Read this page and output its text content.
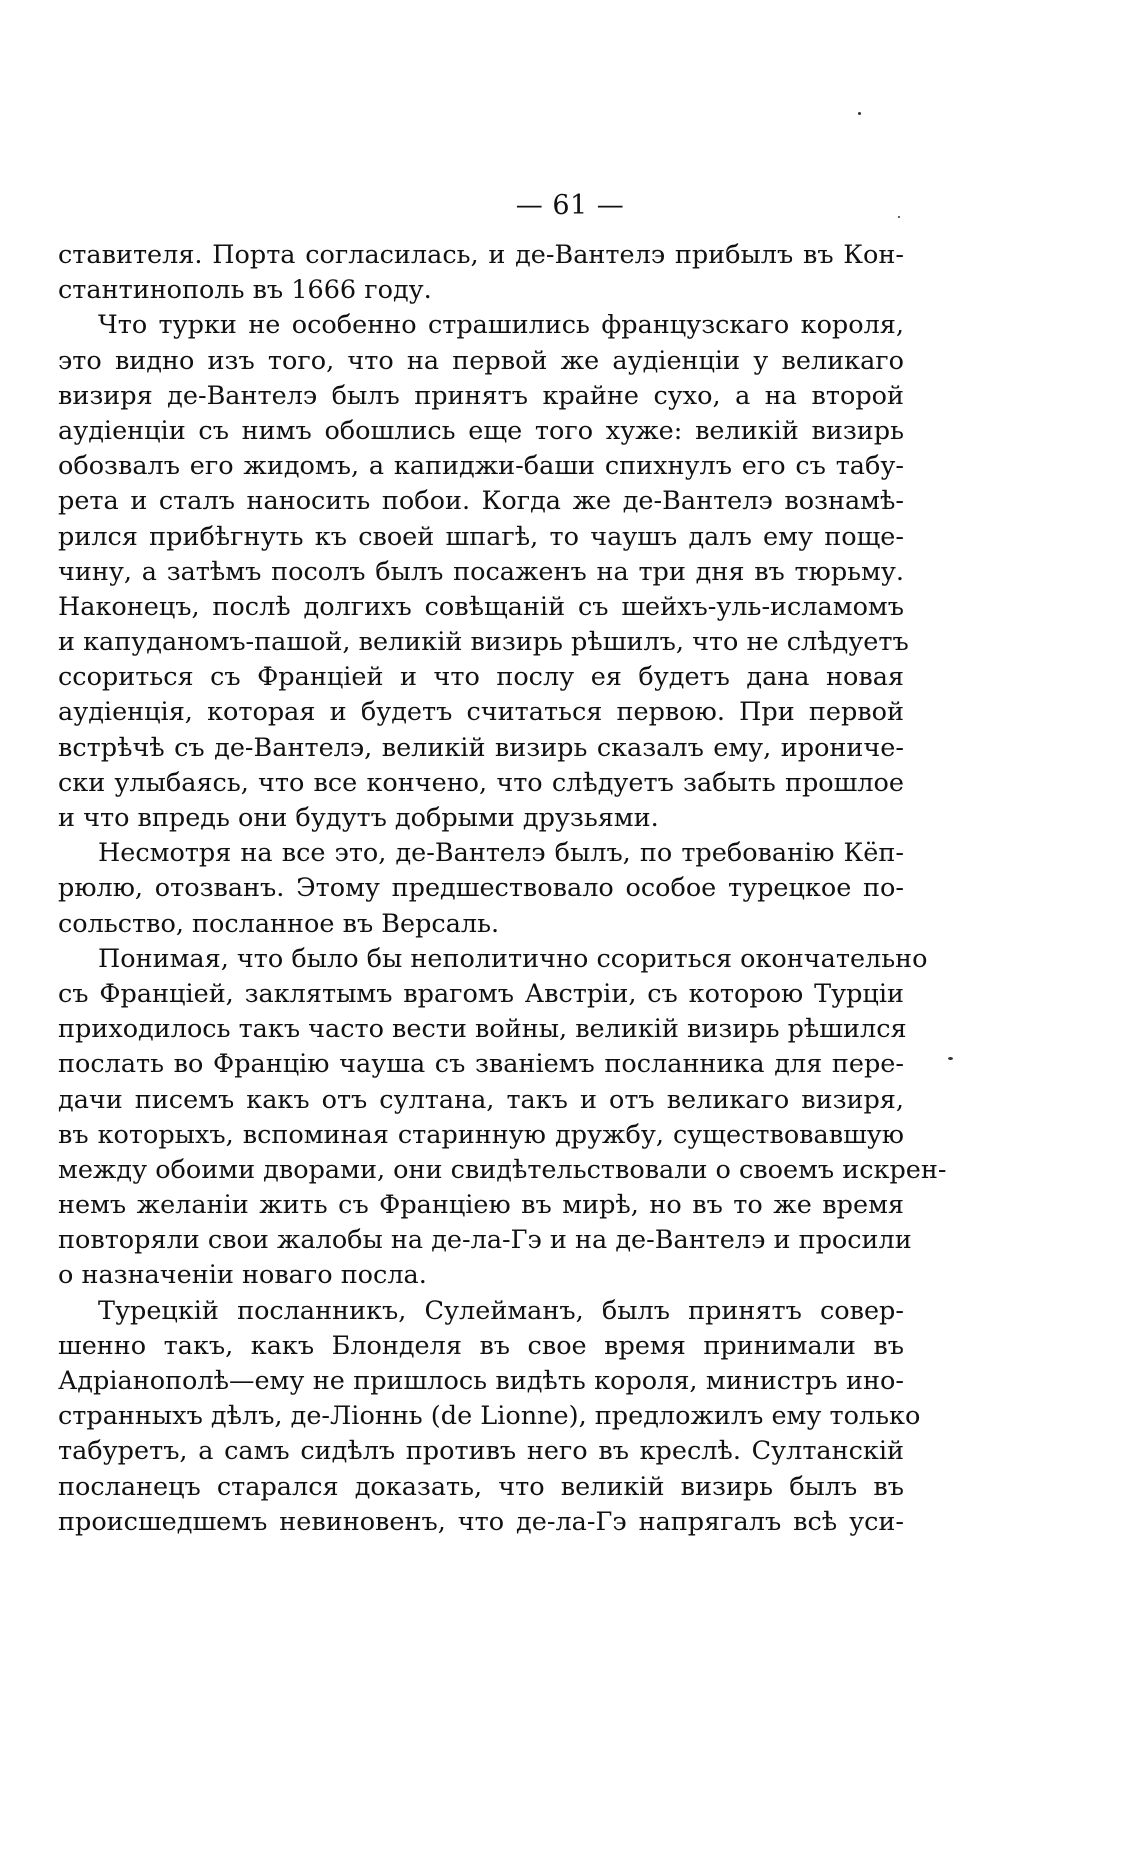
— 61 —
ставителя. Порта согласилась, и де-Вантелэ прибылъ въ Кон-
стантинополь въ 1666 году.
Что турки не особенно страшились французскаго короля,
это видно изъ того, что на первой же аудіенціи у великаго
визиря де-Вантелэ былъ принятъ крайне сухо, а на второй
аудіенціи съ нимъ обошлись еще того хуже: великій визирь
обозвалъ его жидомъ, а капиджи-баши спихнулъ его съ табу-
рета и сталъ наносить побои. Когда же де-Вантелэ вознамѣ-
рился прибѣгнуть къ своей шпагѣ, то чаушъ далъ ему поще-
чину, а затѣмъ посолъ былъ посаженъ на три дня въ тюрьму.
Наконецъ, послѣ долгихъ совѣщаній съ шейхъ-уль-исламомъ
и капуданомъ-пашой, великій визирь рѣшилъ, что не слѣдуетъ
ссориться съ Франціей и что послу ея будетъ дана новая
аудіенція, которая и будетъ считаться первою. При первой
встрѣчѣ съ де-Вантелэ, великій визирь сказалъ ему, ирониче-
ски улыбаясь, что все кончено, что слѣдуетъ забыть прошлое
и что впредь они будутъ добрыми друзьями.
Несмотря на все это, де-Вантелэ былъ, по требованію Кёп-
рюлю, отозванъ. Этому предшествовало особое турецкое по-
сольство, посланное въ Версаль.
Понимая, что было бы неполитично ссориться окончательно
съ Франціей, заклятымъ врагомъ Австріи, съ которою Турціи
приходилось такъ часто вести войны, великій визирь рѣшился
послать во Францію чауша съ званіемъ посланника для пере-
дачи писемъ какъ отъ султана, такъ и отъ великаго визиря,
въ которыхъ, вспоминая старинную дружбу, существовавшую
между обоими дворами, они свидѣтельствовали о своемъ искрен-
немъ желаніи жить съ Франціею въ мирѣ, но въ то же время
повторяли свои жалобы на де-ла-Гэ и на де-Вантелэ и просили
о назначеніи новаго посла.
Турецкій посланникъ, Сулейманъ, былъ принятъ совер-
шенно такъ, какъ Блонделя въ свое время принимали въ
Адріанополѣ—ему не пришлось видѣть короля, министръ ино-
странныхъ дѣлъ, де-Ліоннь (de Lionne), предложилъ ему только
табуретъ, а самъ сидѣлъ противъ него въ креслѣ. Султанскій
посланецъ старался доказать, что великій визирь былъ въ
происшедшемъ невиновенъ, что де-ла-Гэ напрягалъ всѣ уси-
